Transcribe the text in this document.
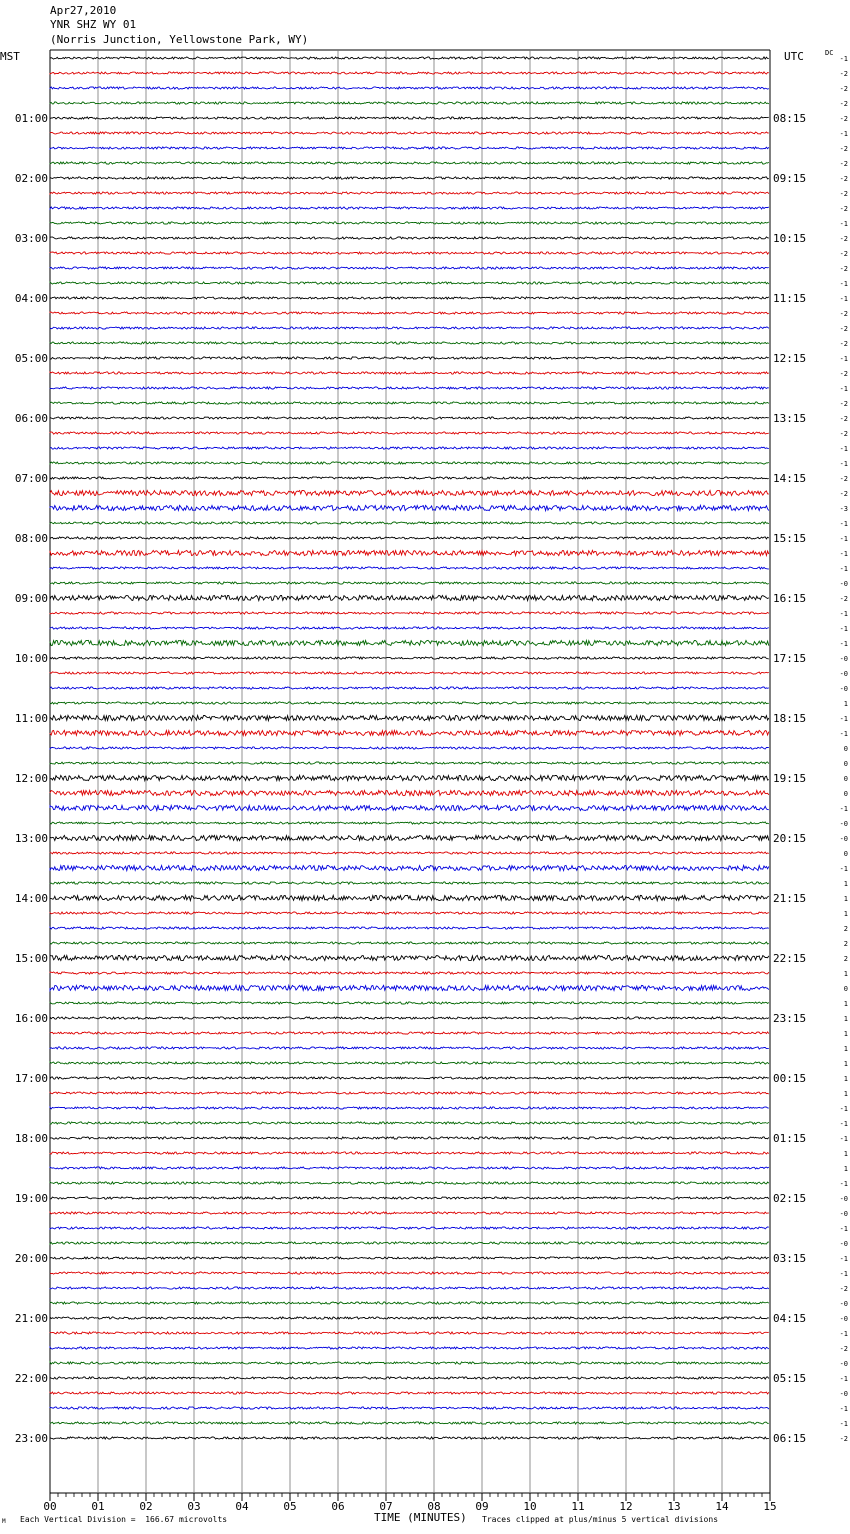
00	01	02	03	04	05	06	07	08	09	10	11	12	13	14	15
-1
-2
-2
-2
-2
-1
-2
-2
-2
-2
-2
-1
-2
-2
-2
-1
-1
-2
-2
-2
-1
-2
-1
-2
-2
-2
-1
-1
-2
-2
-3
-1
-1
-1
-1
-0
-2
-1
-1
-1
-0
-0
-0
1
-1
-1
0
0
0
0
-1
-0
-0
0
-1
1
1
1
2
2
2
1
0
1
1
1
1
1
1
1
-1
-1
-1
1
1
-1
-0
-0
-1
-0
-1
-1
-2
-0
-0
-1
-2
-0
-1
-0
-1
-1
-2
01:00	08:15
02:00	09:15
03:00	10:15
04:00	11:15
05:00	12:15
06:00	13:15
07:00	14:15
08:00	15:15
09:00	16:15
10:00	17:15
11:00	18:15
12:00	19:15
13:00	20:15
14:00	21:15
15:00	22:15
16:00	23:15
17:00	00:15
18:00	01:15
19:00	02:15
20:00	03:15
21:00	04:15
22:00	05:15
23:00	06:15
Apr27,2010
YNR SHZ WY 01
(Norris Junction, Yellowstone Park, WY)
MST	UTC	DC
TIME (MINUTES)
Each Vertical Division =  166.67 microvolts	Traces clipped at plus/minus 5 vertical divisions
M
